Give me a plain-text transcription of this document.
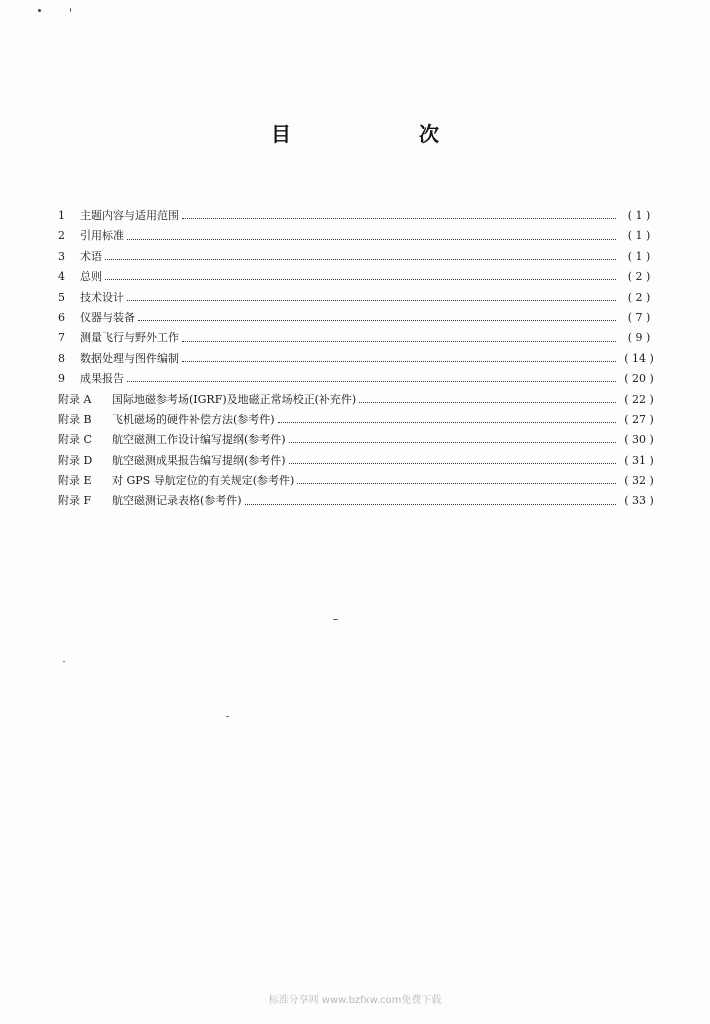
目　次
1	主题内容与适用范围	( 1 )
2	引用标准	( 1 )
3	术语	( 1 )
4	总则	( 2 )
5	技术设计	( 2 )
6	仪器与装备	( 7 )
7	测量飞行与野外工作	( 9 )
8	数据处理与图件编制	( 14 )
9	成果报告	( 20 )
附录 A	国际地磁参考场(IGRF)及地磁正常场校正(补充件)	( 22 )
附录 B	飞机磁场的硬件补偿方法(参考件)	( 27 )
附录 C	航空磁测工作设计编写提纲(参考件)	( 30 )
附录 D	航空磁测成果报告编写提纲(参考件)	( 31 )
附录 E	对 GPS 导航定位的有关规定(参考件)	( 32 )
附录 F	航空磁测记录表格(参考件)	( 33 )
标准分享网 www.bzfxw.com免费下载
